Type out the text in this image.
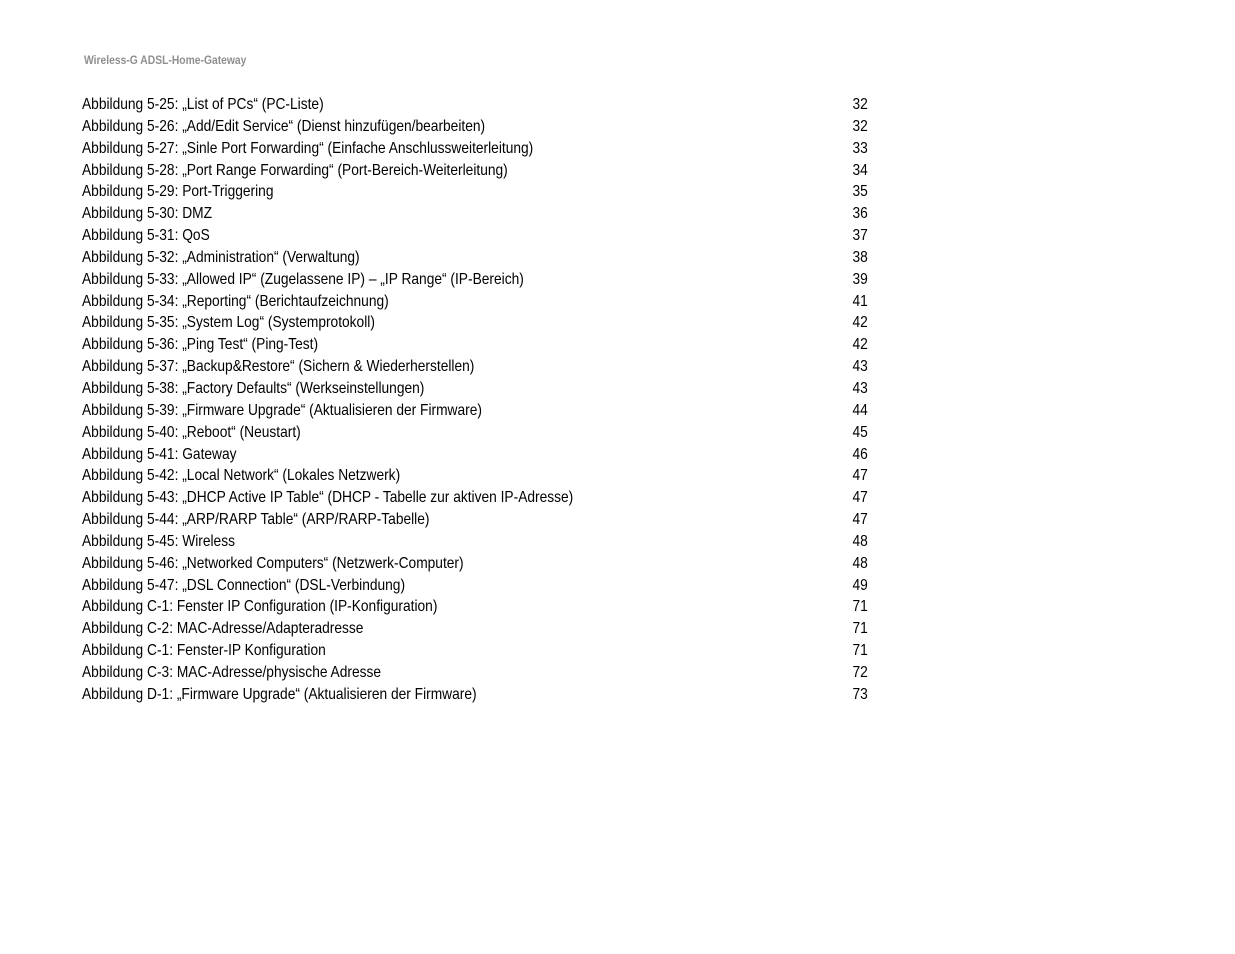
Wireless-G ADSL-Home-Gateway
Abbildung 5-25: „List of PCs“ (PC-Liste)	32
Abbildung 5-26: „Add/Edit Service“ (Dienst hinzufügen/bearbeiten)	32
Abbildung 5-27: „Sinle Port Forwarding“ (Einfache Anschlussweiterleitung)	33
Abbildung 5-28: „Port Range Forwarding“ (Port-Bereich-Weiterleitung)	34
Abbildung 5-29: Port-Triggering	35
Abbildung 5-30: DMZ	36
Abbildung 5-31: QoS	37
Abbildung 5-32: „Administration“ (Verwaltung)	38
Abbildung 5-33: „Allowed IP“ (Zugelassene IP) – „IP Range“ (IP-Bereich)	39
Abbildung 5-34: „Reporting“ (Berichtaufzeichnung)	41
Abbildung 5-35: „System Log“ (Systemprotokoll)	42
Abbildung 5-36: „Ping Test“ (Ping-Test)	42
Abbildung 5-37: „Backup&Restore“ (Sichern & Wiederherstellen)	43
Abbildung 5-38: „Factory Defaults“ (Werkseinstellungen)	43
Abbildung 5-39: „Firmware Upgrade“ (Aktualisieren der Firmware)	44
Abbildung 5-40: „Reboot“ (Neustart)	45
Abbildung 5-41: Gateway	46
Abbildung 5-42: „Local Network“ (Lokales Netzwerk)	47
Abbildung 5-43: „DHCP Active IP Table“ (DHCP - Tabelle zur aktiven IP-Adresse)	47
Abbildung 5-44: „ARP/RARP Table“ (ARP/RARP-Tabelle)	47
Abbildung 5-45: Wireless	48
Abbildung 5-46: „Networked Computers“ (Netzwerk-Computer)	48
Abbildung 5-47: „DSL Connection“ (DSL-Verbindung)	49
Abbildung C-1: Fenster IP Configuration (IP-Konfiguration)	71
Abbildung C-2: MAC-Adresse/Adapteradresse	71
Abbildung C-1: Fenster-IP Konfiguration	71
Abbildung C-3: MAC-Adresse/physische Adresse	72
Abbildung D-1: „Firmware Upgrade“ (Aktualisieren der Firmware)	73
